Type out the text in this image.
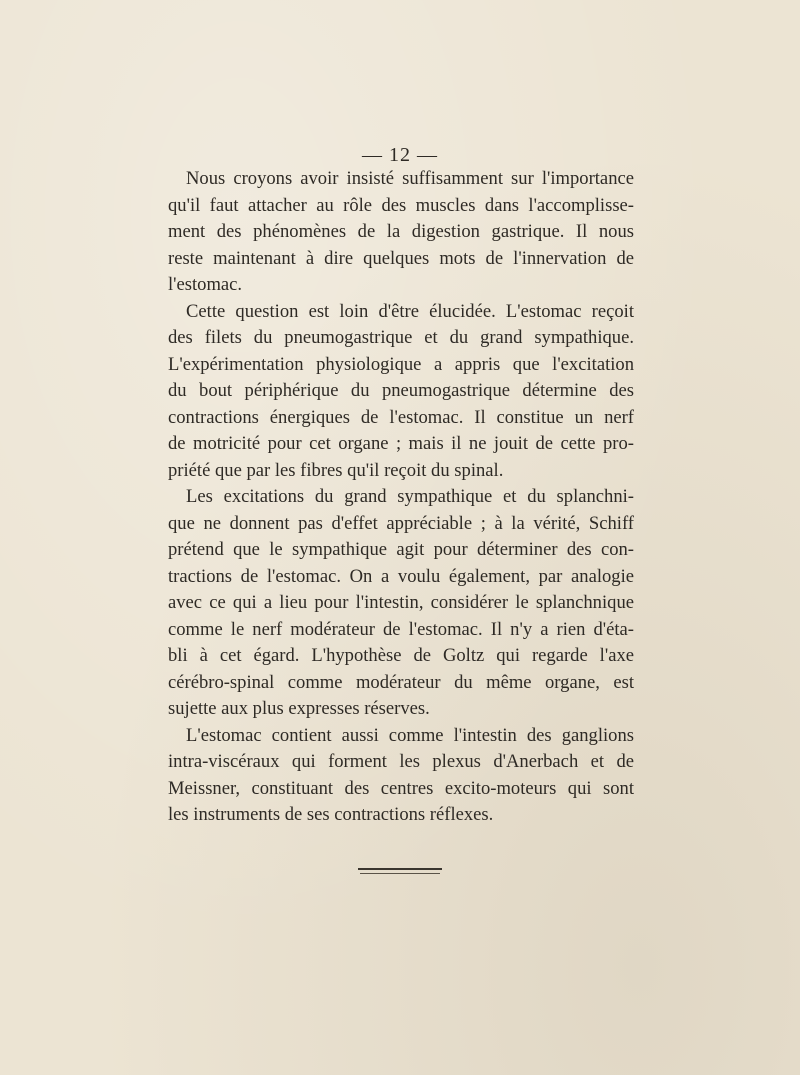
— 12 —
Nous croyons avoir insisté suffisamment sur l'importance
qu'il faut attacher au rôle des muscles dans l'accomplisse-
ment des phénomènes de la digestion gastrique. Il nous
reste maintenant à dire quelques mots de l'innervation de
l'estomac.
Cette question est loin d'être élucidée. L'estomac reçoit
des filets du pneumogastrique et du grand sympathique.
L'expérimentation physiologique a appris que l'excitation
du bout périphérique du pneumogastrique détermine des
contractions énergiques de l'estomac. Il constitue un nerf
de motricité pour cet organe ; mais il ne jouit de cette pro-
priété que par les fibres qu'il reçoit du spinal.
Les excitations du grand sympathique et du splanchni-
que ne donnent pas d'effet appréciable ; à la vérité, Schiff
prétend que le sympathique agit pour déterminer des con-
tractions de l'estomac. On a voulu également, par analogie
avec ce qui a lieu pour l'intestin, considérer le splanchnique
comme le nerf modérateur de l'estomac. Il n'y a rien d'éta-
bli à cet égard. L'hypothèse de Goltz qui regarde l'axe
cérébro-spinal comme modérateur du même organe, est
sujette aux plus expresses réserves.
L'estomac contient aussi comme l'intestin des ganglions
intra-viscéraux qui forment les plexus d'Anerbach et de
Meissner, constituant des centres excito-moteurs qui sont
les instruments de ses contractions réflexes.
